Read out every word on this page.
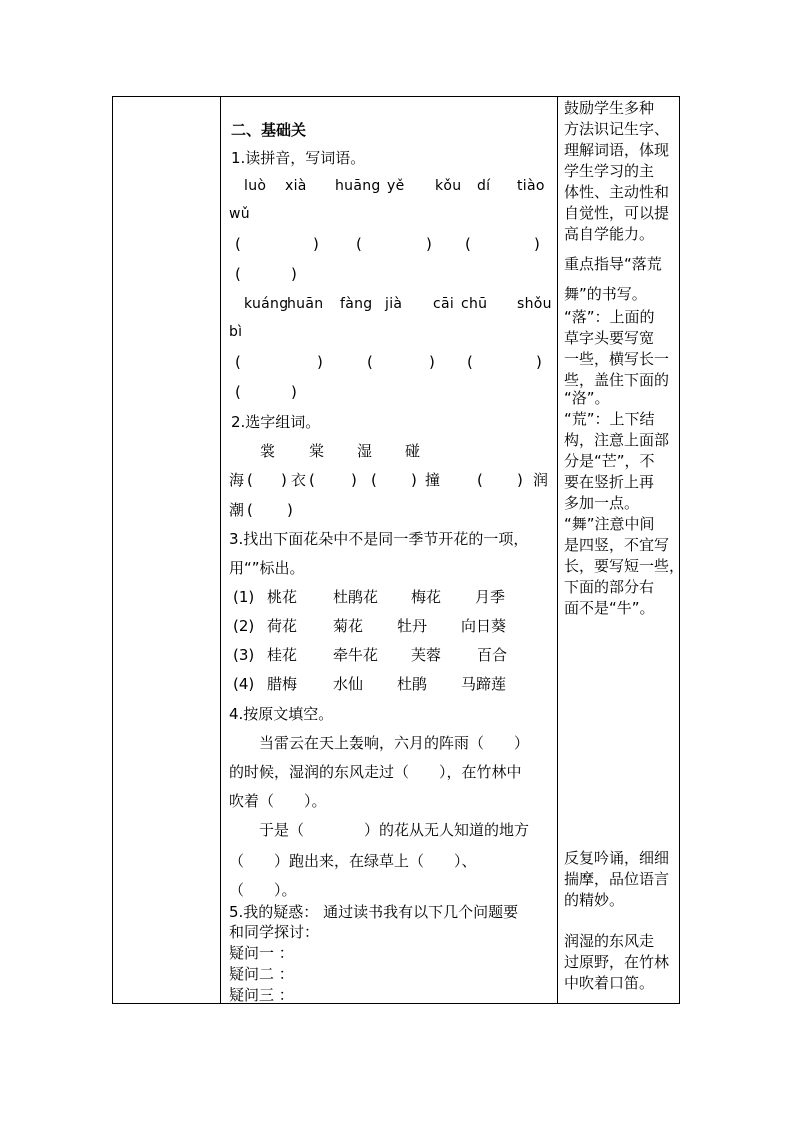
二、基础关
1.读拼音，写词语。
luò xià huāng yě kǒu dí tiào
wǔ
(	) (	) (	)
(	)
kuáng
huān fàng jià cāi chū shǒu
bì
(	)	(	) (	)
(	)
2.选字组词。
裳 棠 湿 碰
海 ( ) 衣 ( ) ( ) 撞 ( ) 润
潮 ( )
3.找出下面花朵中不是同一季节开花的一项，
用“”标出。
(1) 桃花 杜鹃花 梅花 月季
(2) 荷花 菊花 牡丹 向日葵
(3) 桂花 牵牛花 芙蓉 百合
(4) 腊梅 水仙 杜鹃 马蹄莲
4.按原文填空。
当雷云在天上轰响，六月的阵雨（　　）
的时候，湿润的东风走过（　　），在竹林中
吹着（　　）。
于是（　　　　）的花从无人知道的地方
（　　）跑出来，在绿草上（　　）、
（　　）。
5.我的疑惑： 通过读书我有以下几个问题要
和同学探讨：
疑问一 ：
疑问二 ：
疑问三 ：
鼓励学生多种
方法识记生字、
理解词语，体现
学生学习的主
体性、主动性和
自觉性，可以提
高自学能力。
重点指导“落荒
舞”的书写。
“落”：上面的
草字头要写宽
一些，横写长一
些，盖住下面的
“洛”。
“荒”：上下结
构，注意上面部
分是“芒”，不
要在竖折上再
多加一点。
“舞”注意中间
是四竖，不宜写
长，要写短一些，
下面的部分右
面不是“牛”。
反复吟诵，细细
揣摩，品位语言
的精妙。
润湿的东风走
过原野，在竹林
中吹着口笛。
